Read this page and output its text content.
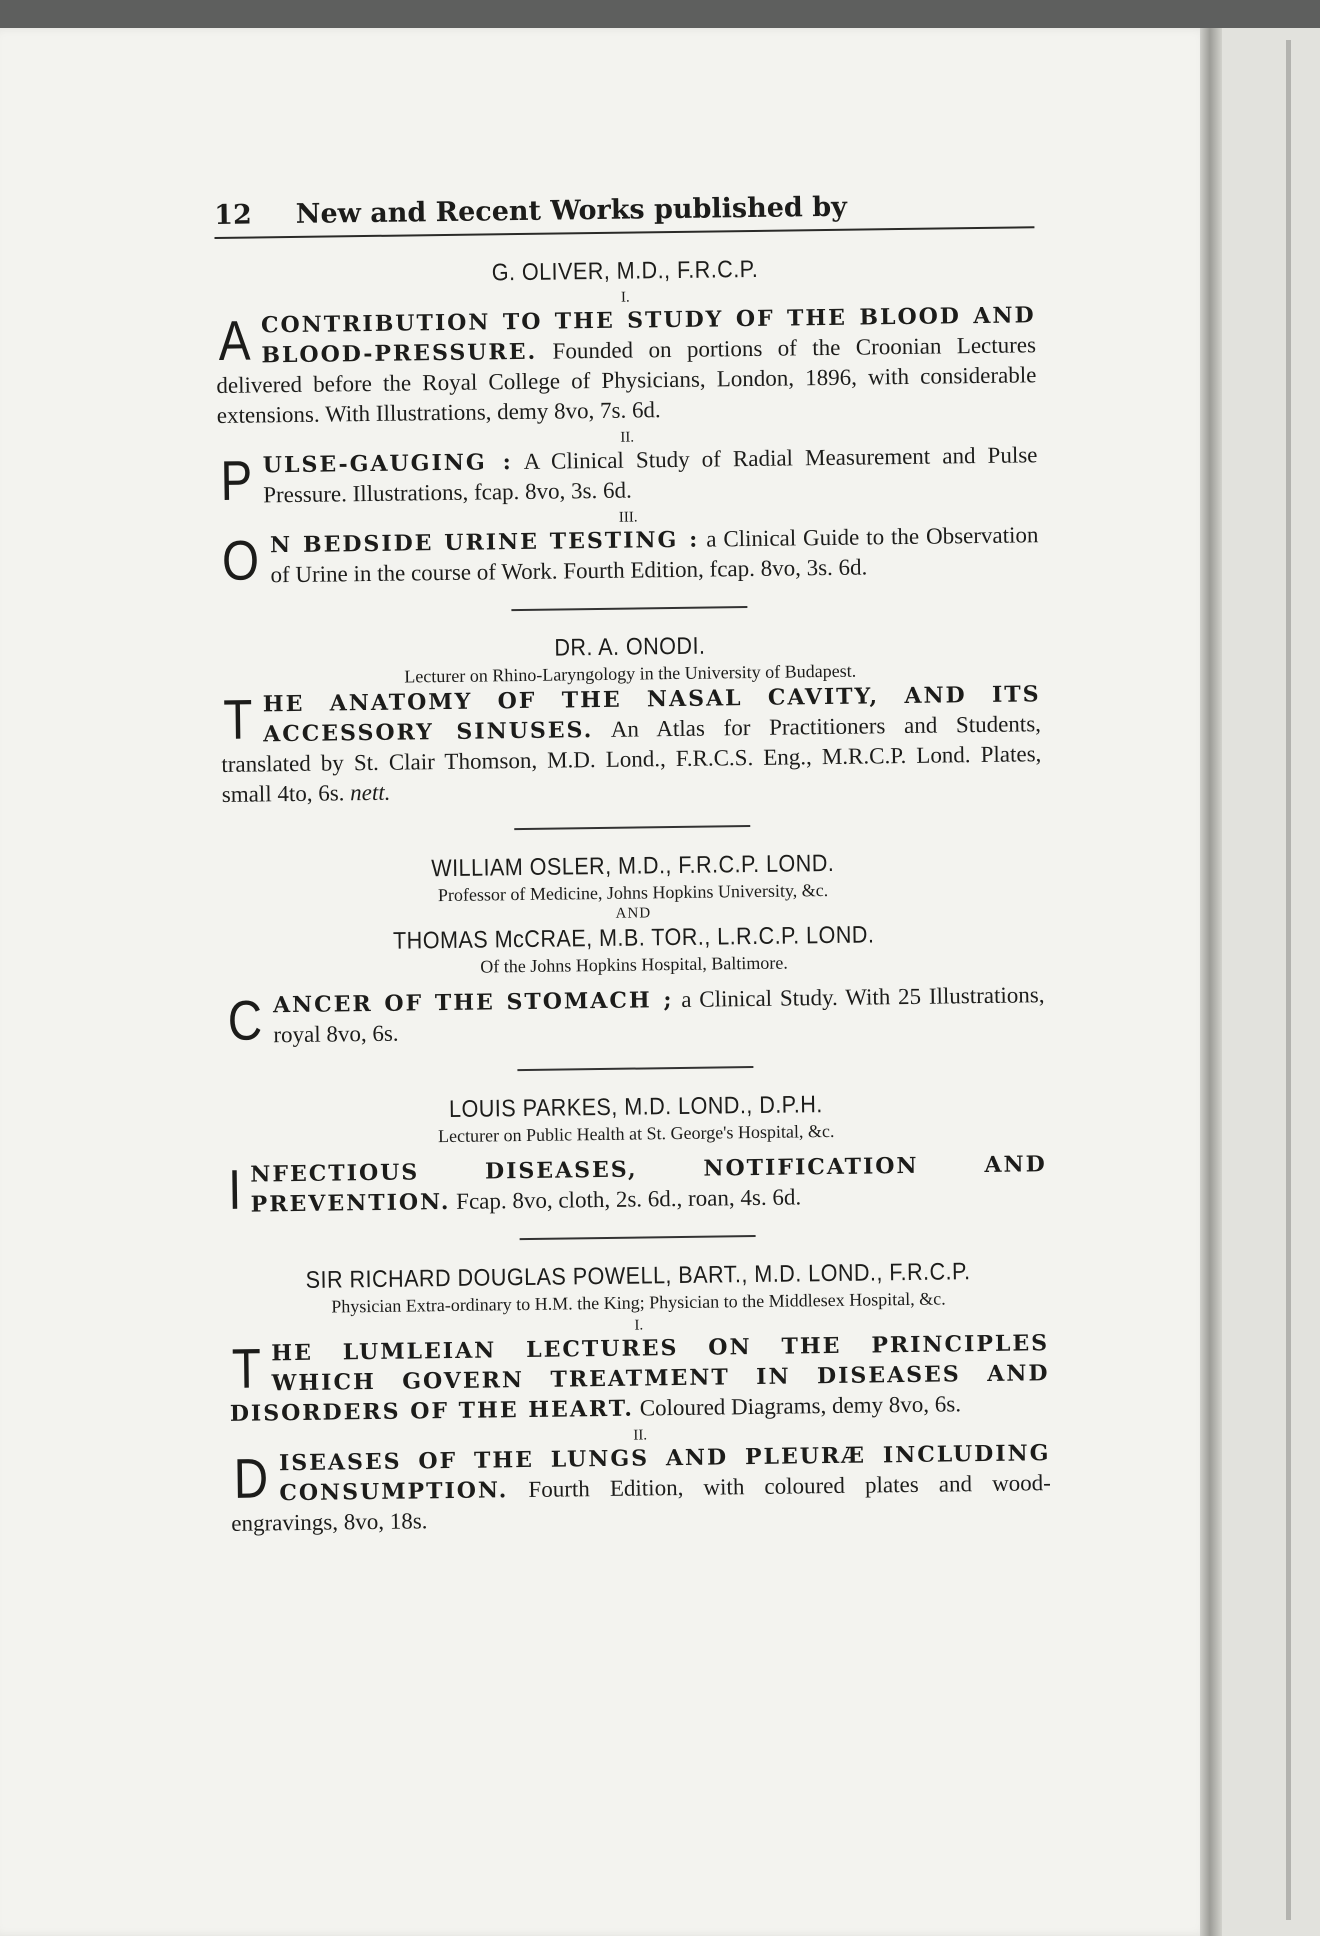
12 New and Recent Works published by
G. OLIVER, M.D., F.R.C.P.
I.

A CONTRIBUTION TO THE STUDY OF THE BLOOD AND BLOOD-PRESSURE. Founded on portions of the Croonian Lectures delivered before the Royal College of Physicians, London, 1896, with considerable extensions. With Illustrations, demy 8vo, 7s. 6d.

II.

P ULSE-GAUGING : A Clinical Study of Radial Measurement and Pulse Pressure. Illustrations, fcap. 8vo, 3s. 6d.

III.

O N BEDSIDE URINE TESTING : a Clinical Guide to the Observation of Urine in the course of Work. Fourth Edition, fcap. 8vo, 3s. 6d.

DR. A. ONODI.
Lecturer on Rhino-Laryngology in the University of Budapest.

T HE ANATOMY OF THE NASAL CAVITY, AND ITS ACCESSORY SINUSES. An Atlas for Practitioners and Students, translated by St. Clair Thomson, M.D. Lond., F.R.C.S. Eng., M.R.C.P. Lond. Plates, small 4to, 6s. nett.

WILLIAM OSLER, M.D., F.R.C.P. LOND.
Professor of Medicine, Johns Hopkins University, &c.
AND
THOMAS McCRAE, M.B. TOR., L.R.C.P. LOND.
Of the Johns Hopkins Hospital, Baltimore.

C ANCER OF THE STOMACH ; a Clinical Study. With 25 Illustrations, royal 8vo, 6s.

LOUIS PARKES, M.D. LOND., D.P.H.
Lecturer on Public Health at St. George's Hospital, &c.

I NFECTIOUS DISEASES, NOTIFICATION AND PREVENTION. Fcap. 8vo, cloth, 2s. 6d., roan, 4s. 6d.

SIR RICHARD DOUGLAS POWELL, BART., M.D. LOND., F.R.C.P.
Physician Extra-ordinary to H.M. the King; Physician to the Middlesex Hospital, &c.
I.

T HE LUMLEIAN LECTURES ON THE PRINCIPLES WHICH GOVERN TREATMENT IN DISEASES AND DISORDERS OF THE HEART. Coloured Diagrams, demy 8vo, 6s.

II.

D ISEASES OF THE LUNGS AND PLEURÆ INCLUDING CONSUMPTION. Fourth Edition, with coloured plates and wood-engravings, 8vo, 18s.
